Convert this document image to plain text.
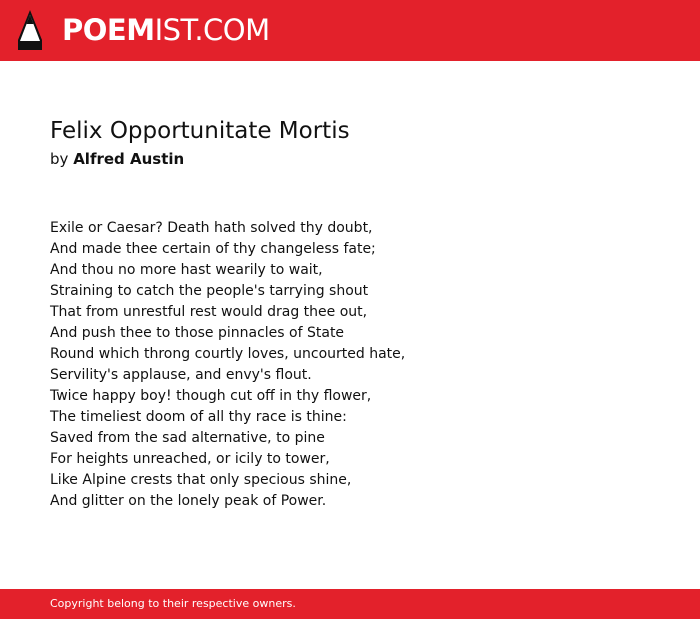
POEMIST.COM
Felix Opportunitate Mortis
by Alfred Austin
Exile or Caesar? Death hath solved thy doubt,
And made thee certain of thy changeless fate;
And thou no more hast wearily to wait,
Straining to catch the people's tarrying shout
That from unrestful rest would drag thee out,
And push thee to those pinnacles of State
Round which throng courtly loves, uncourted hate,
Servility's applause, and envy's flout.
Twice happy boy! though cut off in thy flower,
The timeliest doom of all thy race is thine:
Saved from the sad alternative, to pine
For heights unreached, or icily to tower,
Like Alpine crests that only specious shine,
And glitter on the lonely peak of Power.
Copyright belong to their respective owners.
